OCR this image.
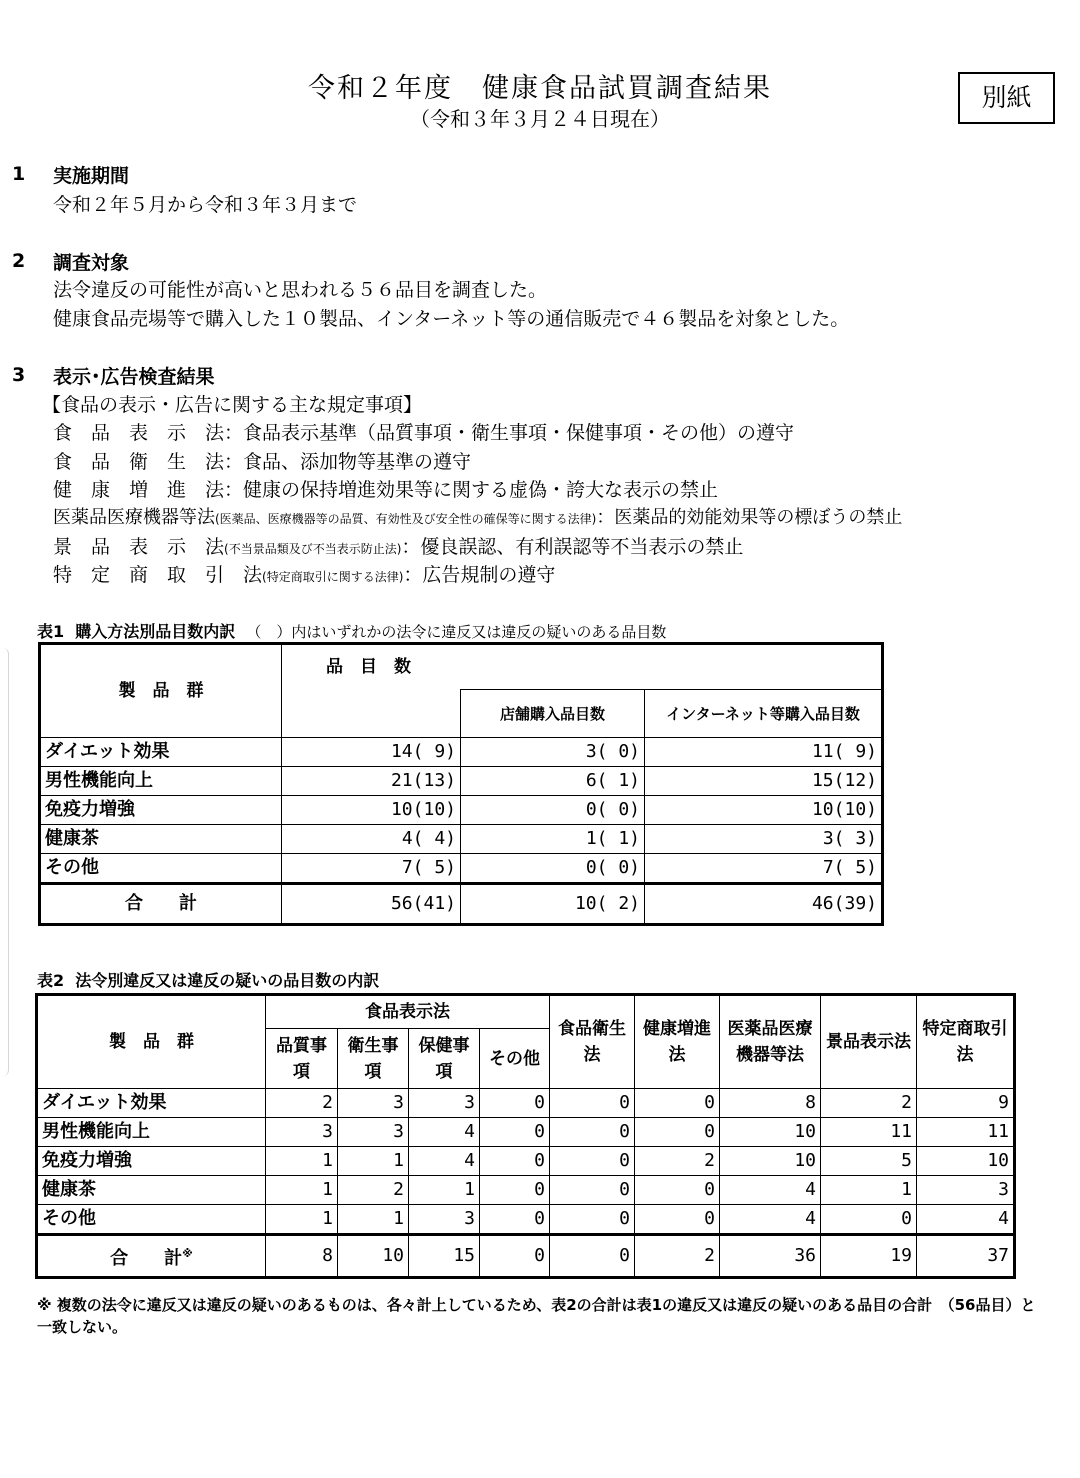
令和２年度　健康食品試買調査結果
（令和３年３月２４日現在）
別紙
1 実施期間
令和２年５月から令和３年３月まで
2 調査対象
法令違反の可能性が高いと思われる５６品目を調査した。
健康食品売場等で購入した１０製品、インターネット等の通信販売で４６製品を対象とした。
3 表示･広告検査結果
【食品の表示・広告に関する主な規定事項】
食　品　表　示　法：食品表示基準（品質事項・衛生事項・保健事項・その他）の遵守
食　品　衛　生　法：食品、添加物等基準の遵守
健　康　増　進　法：健康の保持増進効果等に関する虚偽・誇大な表示の禁止
医薬品医療機器等法(医薬品、医療機器等の品質、有効性及び安全性の確保等に関する法律)：医薬品的効能効果等の標ぼうの禁止
景　品　表　示　法(不当景品類及び不当表示防止法)：優良誤認、有利誤認等不当表示の禁止
特　定　商　取　引　法(特定商取引に関する法律)：広告規制の遵守
表1  購入方法別品目数内訳 （　）内はいずれかの法令に違反又は違反の疑いのある品目数
製　品　群	品　目　数		
		店舗購入品目数	インターネット等購入品目数
ダイエット効果	14( 9)	3( 0)	11( 9)
男性機能向上	21(13)	6( 1)	15(12)
免疫力増強	10(10)	0( 0)	10(10)
健康茶	4( 4)	1( 1)	3( 3)
その他	7( 5)	0( 0)	7( 5)
合　　計	56(41)	10( 2)	46(39)
表2  法令別違反又は違反の疑いの品目数の内訳
製　品　群	食品表示法				食品衛生法	健康増進法	医薬品医療機器等法	景品表示法	特定商取引法
	品質事項	衛生事項	保健事項	その他					
ダイエット効果	2	3	3	0	0	0	8	2	9
男性機能向上	3	3	4	0	0	0	10	11	11
免疫力増強	1	1	4	0	0	2	10	5	10
健康茶	1	2	1	0	0	0	4	1	3
その他	1	1	3	0	0	0	4	0	4
合　　計※	8	10	15	0	0	2	36	19	37
※ 複数の法令に違反又は違反の疑いのあるものは、各々計上しているため、表2の合計は表1の違反又は違反の疑いのある品目の合計　（56品目）と一致しない。
